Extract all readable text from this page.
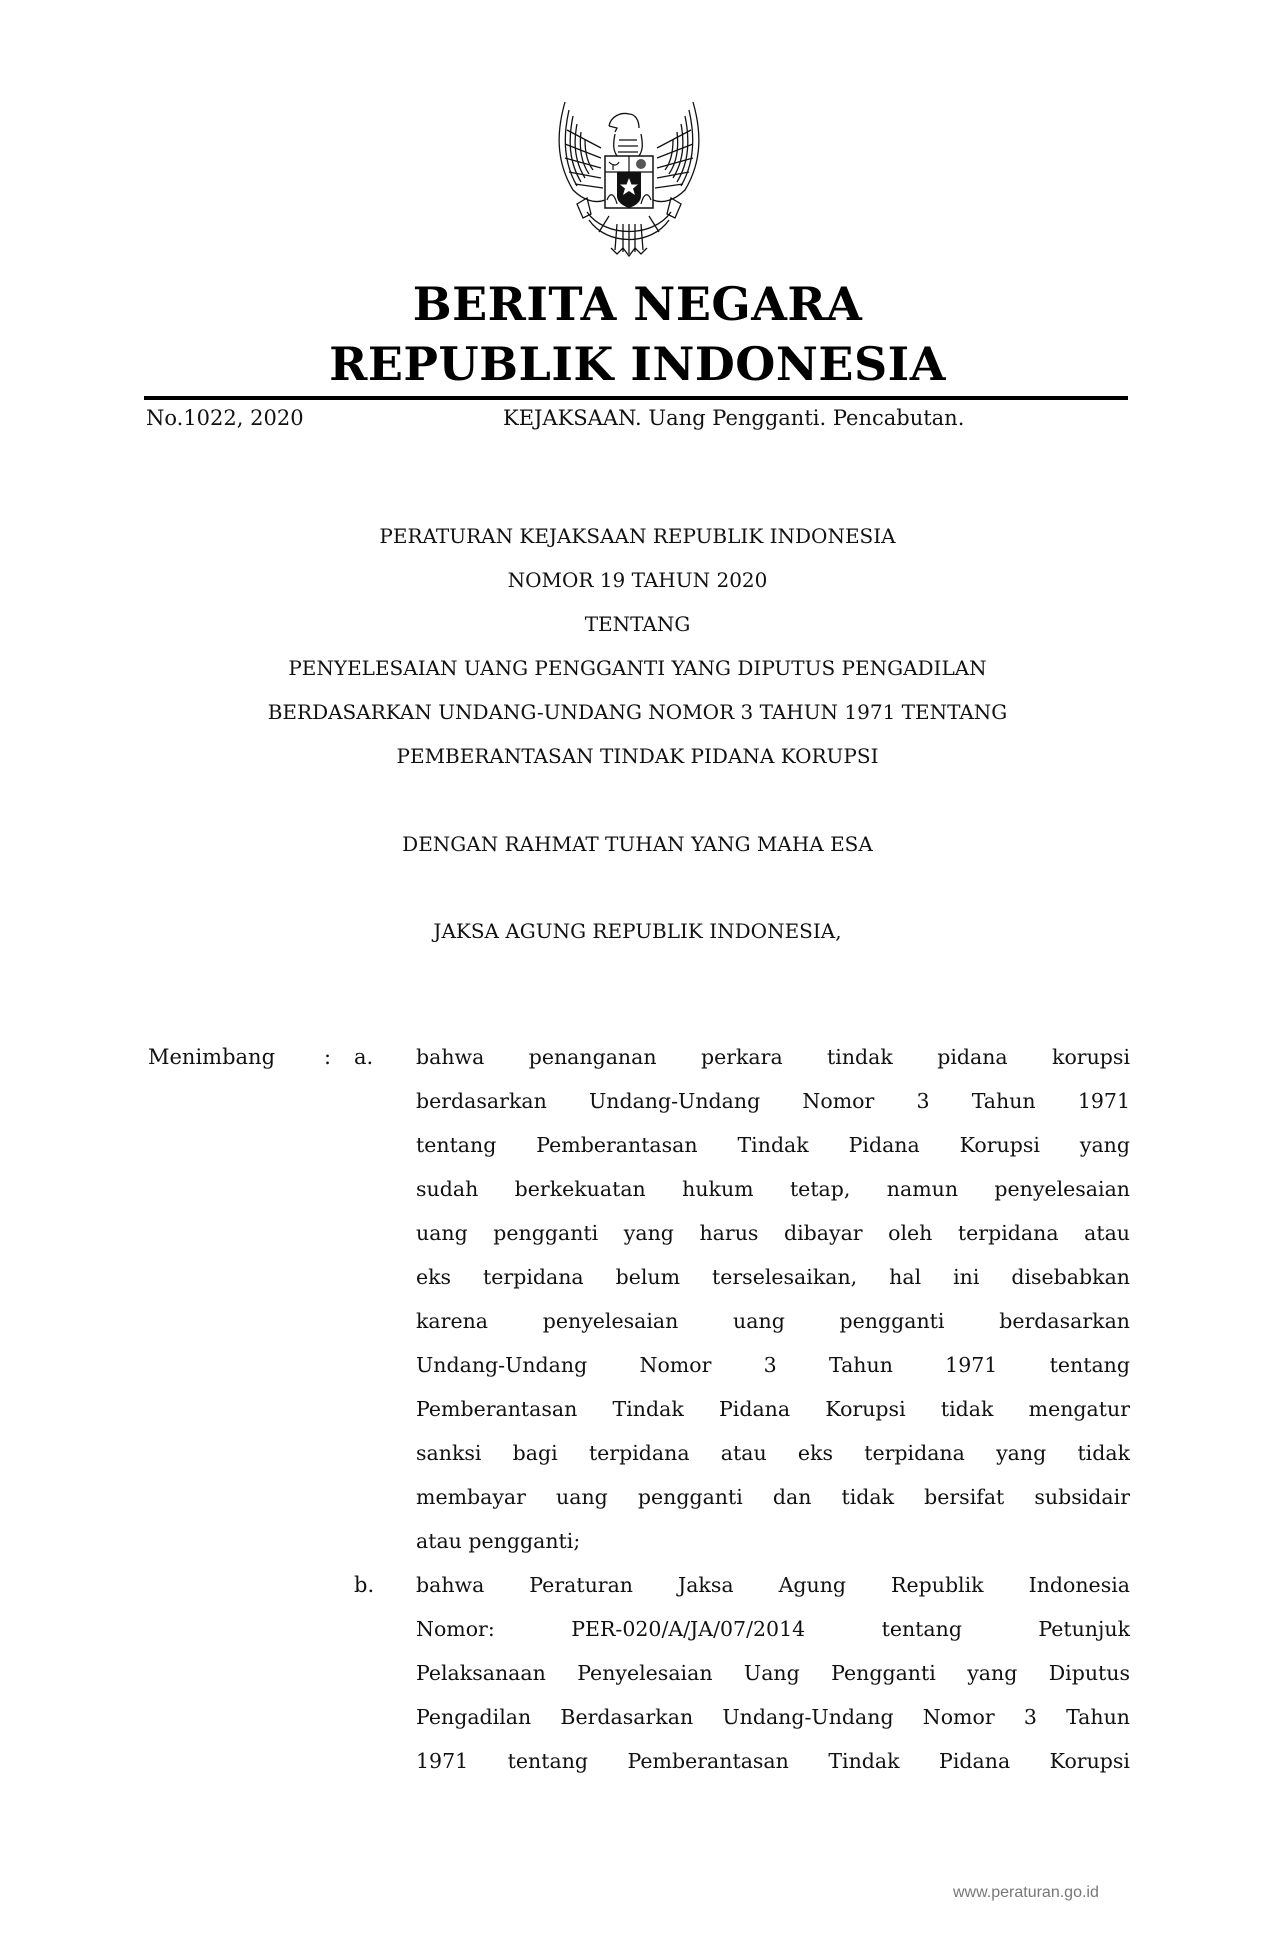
BERITA NEGARA
REPUBLIK INDONESIA
No.1022, 2020	KEJAKSAAN. Uang Pengganti. Pencabutan.
PERATURAN KEJAKSAAN REPUBLIK INDONESIA
NOMOR 19 TAHUN 2020
TENTANG
PENYELESAIAN UANG PENGGANTI YANG DIPUTUS PENGADILAN
BERDASARKAN UNDANG-UNDANG NOMOR 3 TAHUN 1971 TENTANG
PEMBERANTASAN TINDAK PIDANA KORUPSI
DENGAN RAHMAT TUHAN YANG MAHA ESA
JAKSA AGUNG REPUBLIK INDONESIA,
Menimbang : a. bahwa penanganan perkara tindak pidana korupsi
berdasarkan Undang-Undang Nomor 3 Tahun 1971
tentang Pemberantasan Tindak Pidana Korupsi yang
sudah berkekuatan hukum tetap, namun penyelesaian
uang pengganti yang harus dibayar oleh terpidana atau
eks terpidana belum terselesaikan, hal ini disebabkan
karena penyelesaian uang pengganti berdasarkan
Undang-Undang Nomor 3 Tahun 1971 tentang
Pemberantasan Tindak Pidana Korupsi tidak mengatur
sanksi bagi terpidana atau eks terpidana yang tidak
membayar uang pengganti dan tidak bersifat subsidair
atau pengganti;
b. bahwa Peraturan Jaksa Agung Republik Indonesia
Nomor: PER-020/A/JA/07/2014 tentang Petunjuk
Pelaksanaan Penyelesaian Uang Pengganti yang Diputus
Pengadilan Berdasarkan Undang-Undang Nomor 3 Tahun
1971 tentang Pemberantasan Tindak Pidana Korupsi
www.peraturan.go.id
